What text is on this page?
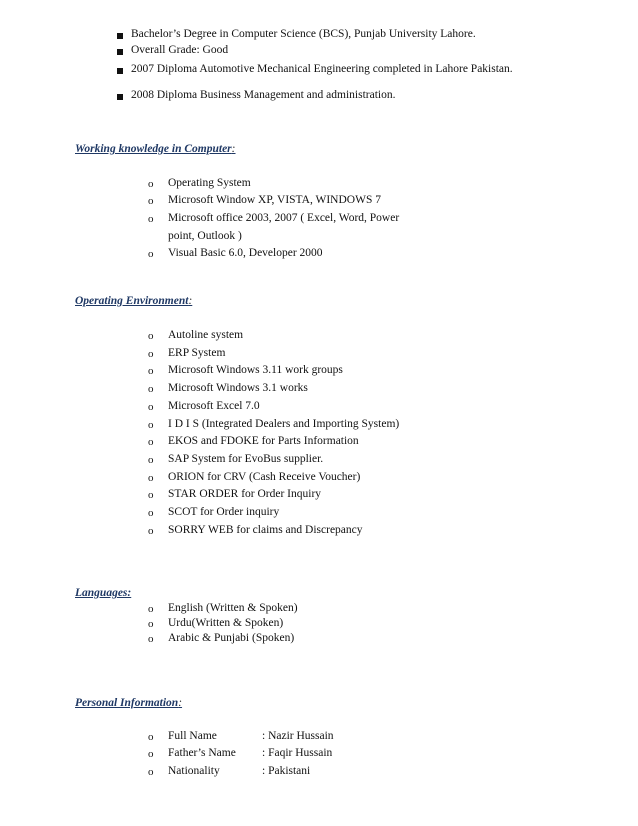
Bachelor’s Degree in Computer Science (BCS), Punjab University Lahore.
Overall Grade: Good
2007 Diploma Automotive Mechanical Engineering completed in Lahore Pakistan.
2008 Diploma Business Management and administration.
Working knowledge in Computer:
o Operating System
o Microsoft Window XP, VISTA, WINDOWS 7
o Microsoft office 2003, 2007 ( Excel, Word, Power
point, Outlook )
o Visual Basic 6.0, Developer 2000
Operating Environment:
o Autoline system
o ERP System
o Microsoft Windows 3.11 work groups
o Microsoft Windows 3.1 works
o Microsoft Excel 7.0
o I D I S (Integrated Dealers and Importing System)
o EKOS and FDOKE for Parts Information
o SAP System for EvoBus supplier.
o ORION for CRV (Cash Receive Voucher)
o STAR ORDER for Order Inquiry
o SCOT for Order inquiry
o SORRY WEB for claims and Discrepancy
Languages:
o English (Written & Spoken)
o Urdu(Written & Spoken)
o Arabic & Punjabi (Spoken)
Personal Information:
o Full Name	: Nazir Hussain
o Father’s Name : Faqir Hussain
o Nationality	: Pakistani
